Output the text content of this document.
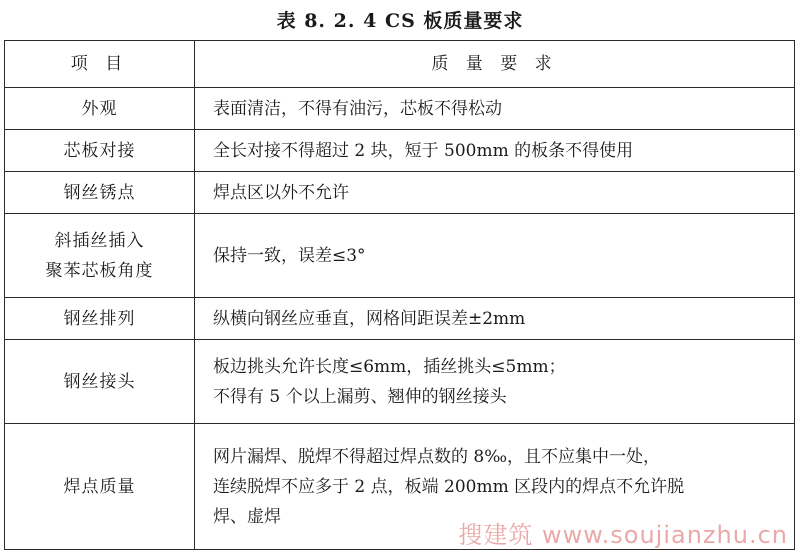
表 8. 2. 4 CS 板质量要求
项 目	质 量 要 求

外观	表面清洁，不得有油污，芯板不得松动

芯板对接	全长对接不得超过 2 块，短于 500mm 的板条不得使用

钢丝锈点	焊点区以外不允许

斜插丝插入
聚苯芯板角度	保持一致，误差≤3°

钢丝排列	纵横向钢丝应垂直，网格间距误差±2mm

钢丝接头	板边挑头允许长度≤6mm，插丝挑头≤5mm；
不得有 5 个以上漏剪、翘伸的钢丝接头

焊点质量	网片漏焊、脱焊不得超过焊点数的 8‰，且不应集中一处，
连续脱焊不应多于 2 点，板端 200mm 区段内的焊点不允许脱
焊、虚焊
搜建筑 www.soujianzhu.cn
